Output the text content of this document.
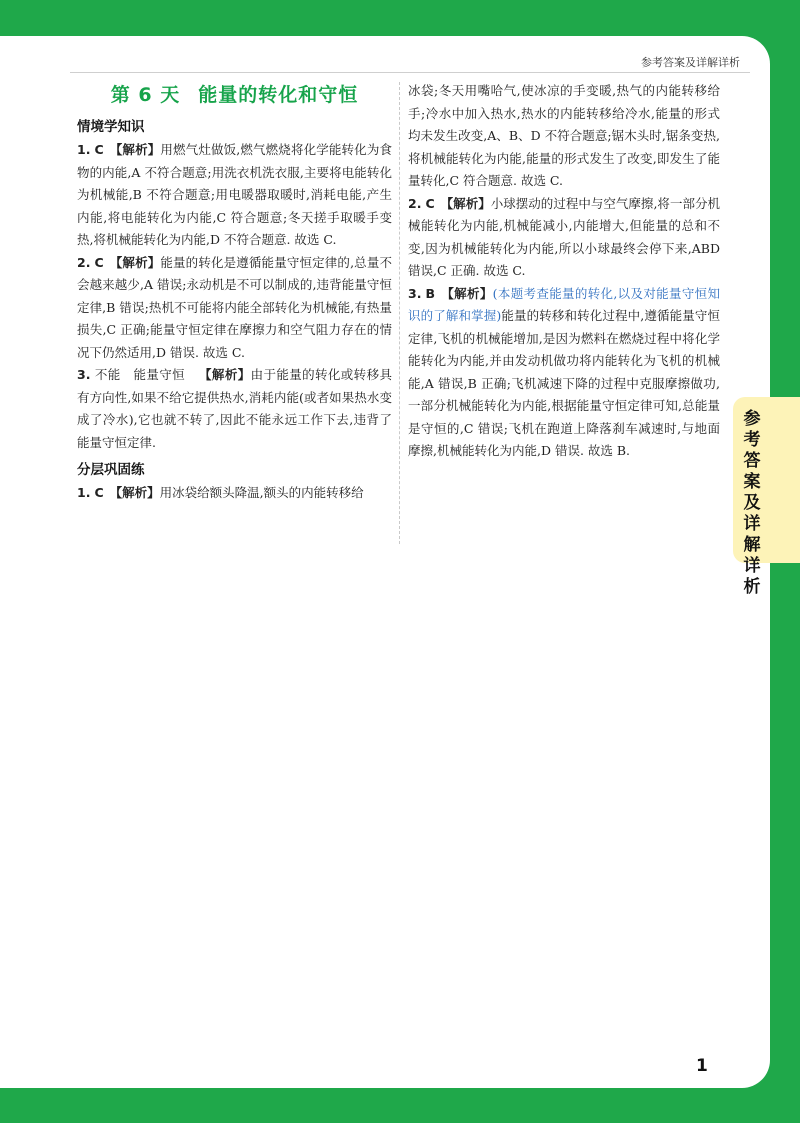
参考答案及详解详析
第 6 天 能量的转化和守恒
情境学知识

1. C 【解析】用燃气灶做饭,燃气燃烧将化学能转化为食物的内能,A 不符合题意;用洗衣机洗衣服,主要将电能转化为机械能,B 不符合题意;用电暖器取暖时,消耗电能,产生内能,将电能转化为内能,C 符合题意;冬天搓手取暖手变热,将机械能转化为内能,D 不符合题意. 故选 C.

2. C 【解析】能量的转化是遵循能量守恒定律的,总量不会越来越少,A 错误;永动机是不可以制成的,违背能量守恒定律,B 错误;热机不可能将内能全部转化为机械能,有热量损失,C 正确;能量守恒定律在摩擦力和空气阻力存在的情况下仍然适用,D 错误. 故选 C.

3. 不能　能量守恒 【解析】由于能量的转化或转移具有方向性,如果不给它提供热水,消耗内能(或者如果热水变成了冷水),它也就不转了,因此不能永远工作下去,违背了能量守恒定律.

分层巩固练

1. C 【解析】用冰袋给额头降温,额头的内能转移给

冰袋;冬天用嘴哈气,使冰凉的手变暖,热气的内能转移给手;冷水中加入热水,热水的内能转移给冷水,能量的形式均未发生改变,A、B、D 不符合题意;锯木头时,锯条变热,将机械能转化为内能,能量的形式发生了改变,即发生了能量转化,C 符合题意. 故选 C.

2. C 【解析】小球摆动的过程中与空气摩擦,将一部分机械能转化为内能,机械能减小,内能增大,但能量的总和不变,因为机械能转化为内能,所以小球最终会停下来,ABD 错误,C 正确. 故选 C.

3. B 【解析】(本题考查能量的转化,以及对能量守恒知识的了解和掌握)能量的转移和转化过程中,遵循能量守恒定律,飞机的机械能增加,是因为燃料在燃烧过程中将化学能转化为内能,并由发动机做功将内能转化为飞机的机械能,A 错误,B 正确;飞机减速下降的过程中克服摩擦做功,一部分机械能转化为内能,根据能量守恒定律可知,总能量是守恒的,C 错误;飞机在跑道上降落刹车减速时,与地面摩擦,机械能转化为内能,D 错误. 故选 B.

参考答案及详解详析
1
